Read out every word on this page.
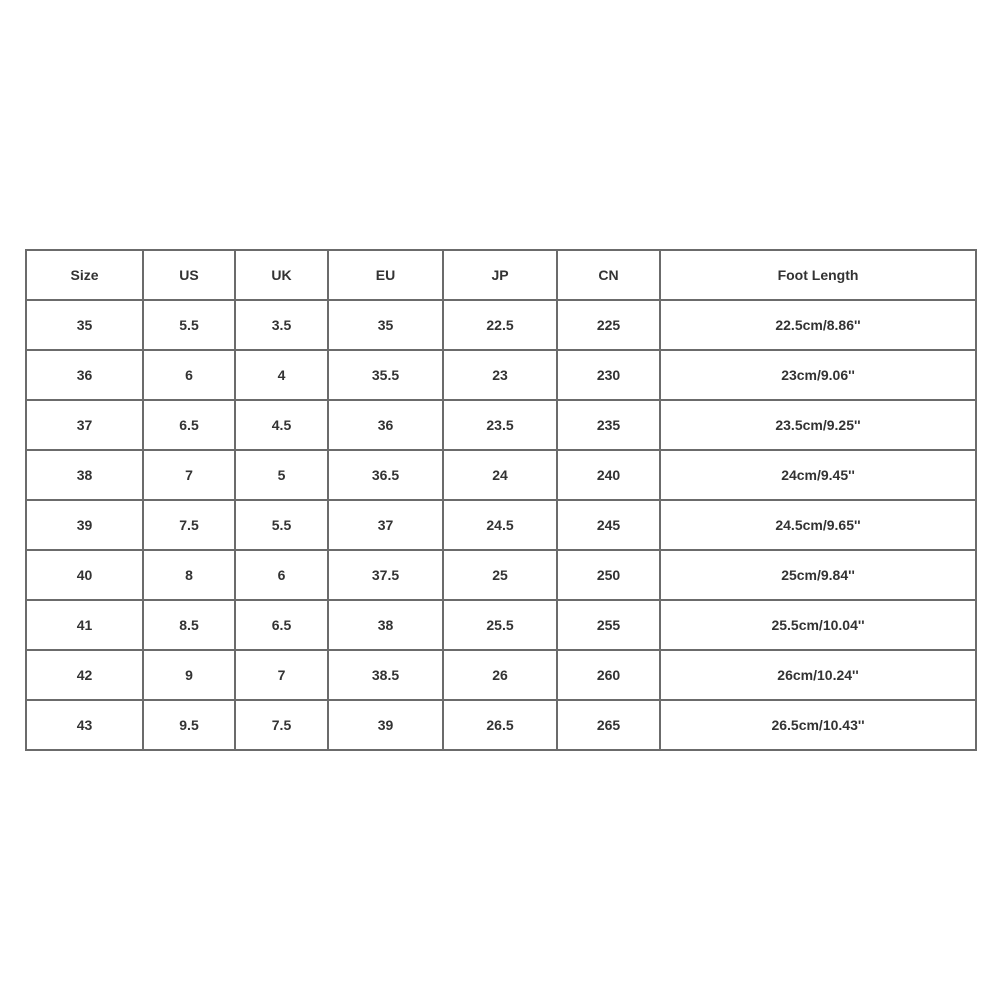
Size	US	UK	EU	JP	CN	Foot Length
35	5.5	3.5	35	22.5	225	22.5cm/8.86''
36	6	4	35.5	23	230	23cm/9.06''
37	6.5	4.5	36	23.5	235	23.5cm/9.25''
38	7	5	36.5	24	240	24cm/9.45''
39	7.5	5.5	37	24.5	245	24.5cm/9.65''
40	8	6	37.5	25	250	25cm/9.84''
41	8.5	6.5	38	25.5	255	25.5cm/10.04''
42	9	7	38.5	26	260	26cm/10.24''
43	9.5	7.5	39	26.5	265	26.5cm/10.43''
